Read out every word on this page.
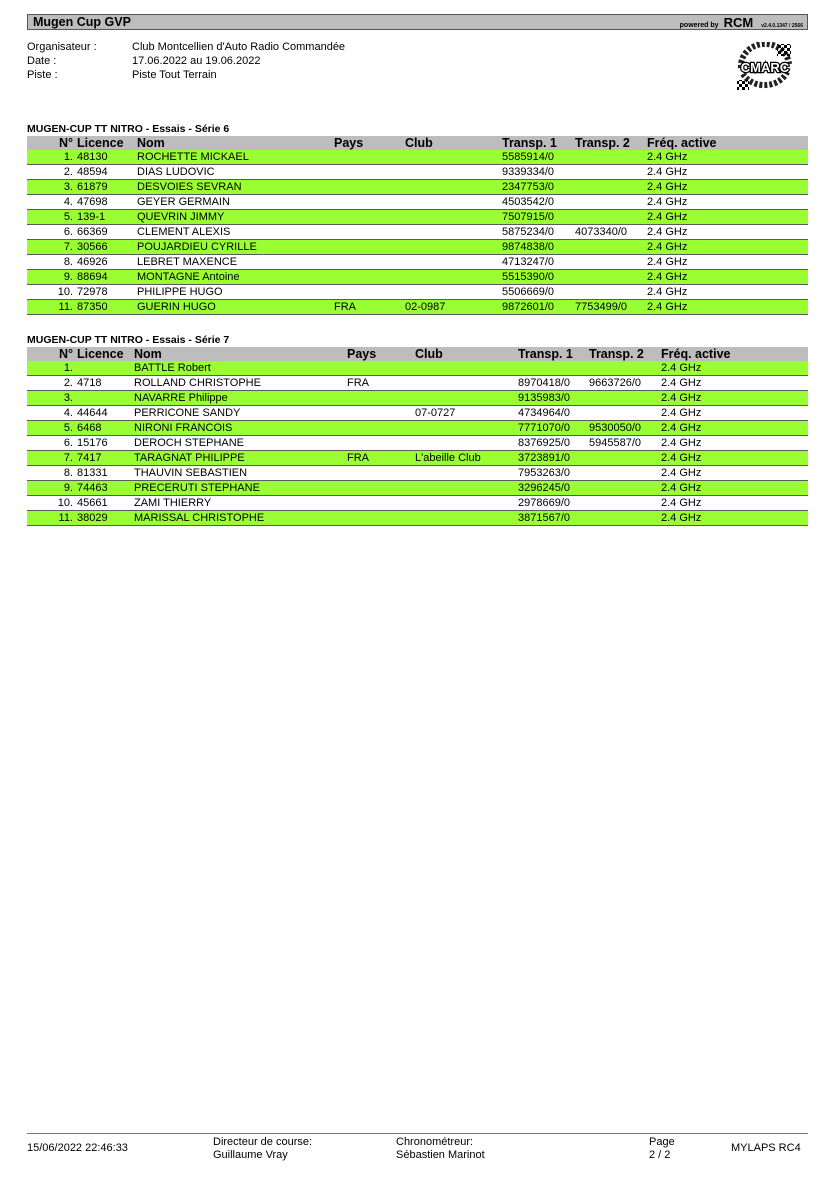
Mugen Cup GVP	powered by RCM v2.4.0.1347 / 2566
Organisateur :	Club Montcellien d'Auto Radio Commandée
Date :	17.06.2022 au 19.06.2022
Piste :	Piste Tout Terrain	CMARC
MUGEN-CUP TT NITRO - Essais - Série 6
N°	Licence	Nom	Pays	Club	Transp. 1	Transp. 2	Fréq. active
1.	48130	ROCHETTE MICKAEL			5585914/0		2.4 GHz
2.	48594	DIAS LUDOVIC			9339334/0		2.4 GHz
3.	61879	DESVOIES SEVRAN			2347753/0		2.4 GHz
4.	47698	GEYER GERMAIN			4503542/0		2.4 GHz
5.	139-1	QUEVRIN JIMMY			7507915/0		2.4 GHz
6.	66369	CLEMENT ALEXIS			5875234/0	4073340/0	2.4 GHz
7.	30566	POUJARDIEU CYRILLE			9874838/0		2.4 GHz
8.	46926	LEBRET MAXENCE			4713247/0		2.4 GHz
9.	88694	MONTAGNE Antoine			5515390/0		2.4 GHz
10.	72978	PHILIPPE HUGO			5506669/0		2.4 GHz
11.	87350	GUERIN HUGO	FRA	02-0987	9872601/0	7753499/0	2.4 GHz
MUGEN-CUP TT NITRO - Essais - Série 7
N°	Licence	Nom	Pays	Club	Transp. 1	Transp. 2	Fréq. active
1.		BATTLE Robert					2.4 GHz
2.	4718	ROLLAND CHRISTOPHE	FRA		8970418/0	9663726/0	2.4 GHz
3.		NAVARRE Philippe			9135983/0		2.4 GHz
4.	44644	PERRICONE SANDY		07-0727	4734964/0		2.4 GHz
5.	6468	NIRONI FRANCOIS			7771070/0	9530050/0	2.4 GHz
6.	15176	DEROCH STEPHANE			8376925/0	5945587/0	2.4 GHz
7.	7417	TARAGNAT PHILIPPE	FRA	L'abeille Club	3723891/0		2.4 GHz
8.	81331	THAUVIN SEBASTIEN			7953263/0		2.4 GHz
9.	74463	PRECERUTI STEPHANE			3296245/0		2.4 GHz
10.	45661	ZAMI THIERRY			2978669/0		2.4 GHz
11.	38029	MARISSAL CHRISTOPHE			3871567/0		2.4 GHz
15/06/2022 22:46:33	Directeur de course:
Guillaume Vray
Chronométreur:
Sébastien Marinot
Page
2 / 2
MYLAPS RC4
